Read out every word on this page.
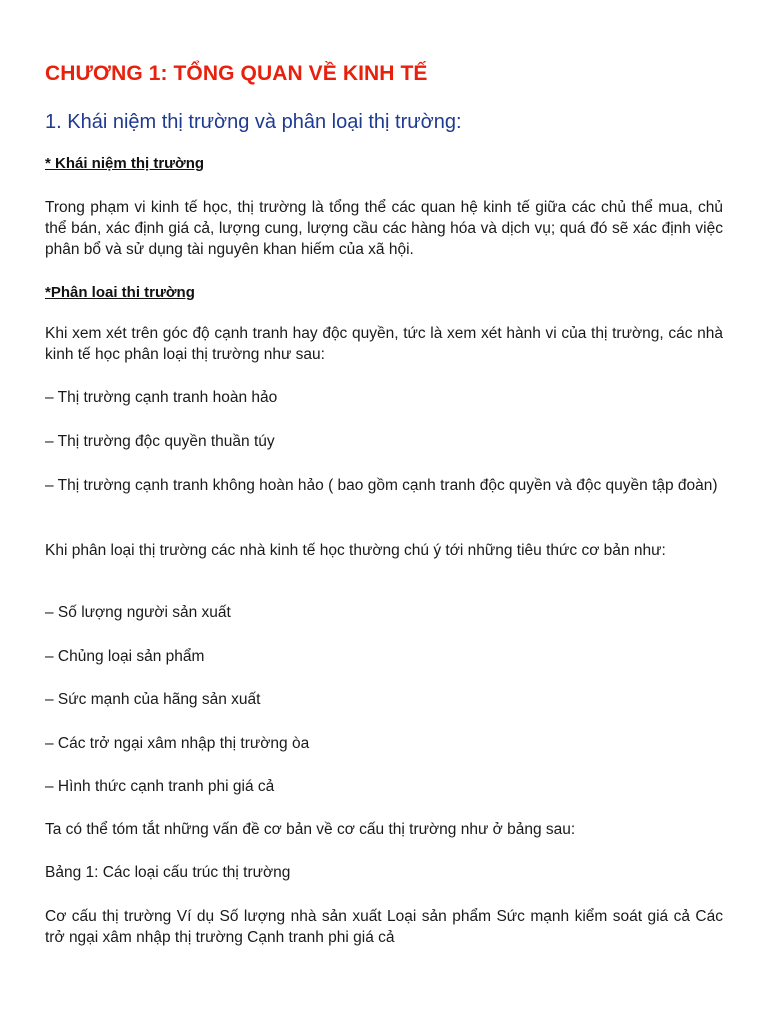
CHƯƠNG 1: TỔNG QUAN VỀ KINH TẾ
1. Khái niệm thị trường và phân loại thị trường:
* Khái niệm thị trường

Trong phạm vi kinh tế học, thị trường là tổng thể các quan hệ kinh tế giữa các chủ thể mua, chủ thể bán, xác định giá cả, lượng cung, lượng cầu các hàng hóa và dịch vụ; quá đó sẽ xác định việc phân bổ và sử dụng tài nguyên khan hiếm của xã hội.

*Phân loai thi trường

Khi xem xét trên góc độ cạnh tranh hay độc quyền, tức là xem xét hành vi của thị trường, các nhà kinh tế học phân loại thị trường như sau:

– Thị trường cạnh tranh hoàn hảo

– Thị trường độc quyền thuần túy

– Thị trường cạnh tranh không hoàn hảo ( bao gồm cạnh tranh độc quyền và độc quyền tập đoàn)

Khi phân loại thị trường các nhà kinh tế học thường chú ý tới những tiêu thức cơ bản như:

– Số lượng người sản xuất

– Chủng loại sản phẩm

– Sức mạnh của hãng sản xuất

– Các trở ngại xâm nhập thị trường òa

– Hình thức cạnh tranh phi giá cả

Ta có thể tóm tắt những vấn đề cơ bản về cơ cấu thị trường như ở bảng sau:

Bảng 1: Các loại cấu trúc thị trường

Cơ cấu thị trường Ví dụ Số lượng nhà sản xuất Loại sản phẩm Sức mạnh kiểm soát giá cả Các trở ngại xâm nhập thị trường Cạnh tranh phi giá cả
